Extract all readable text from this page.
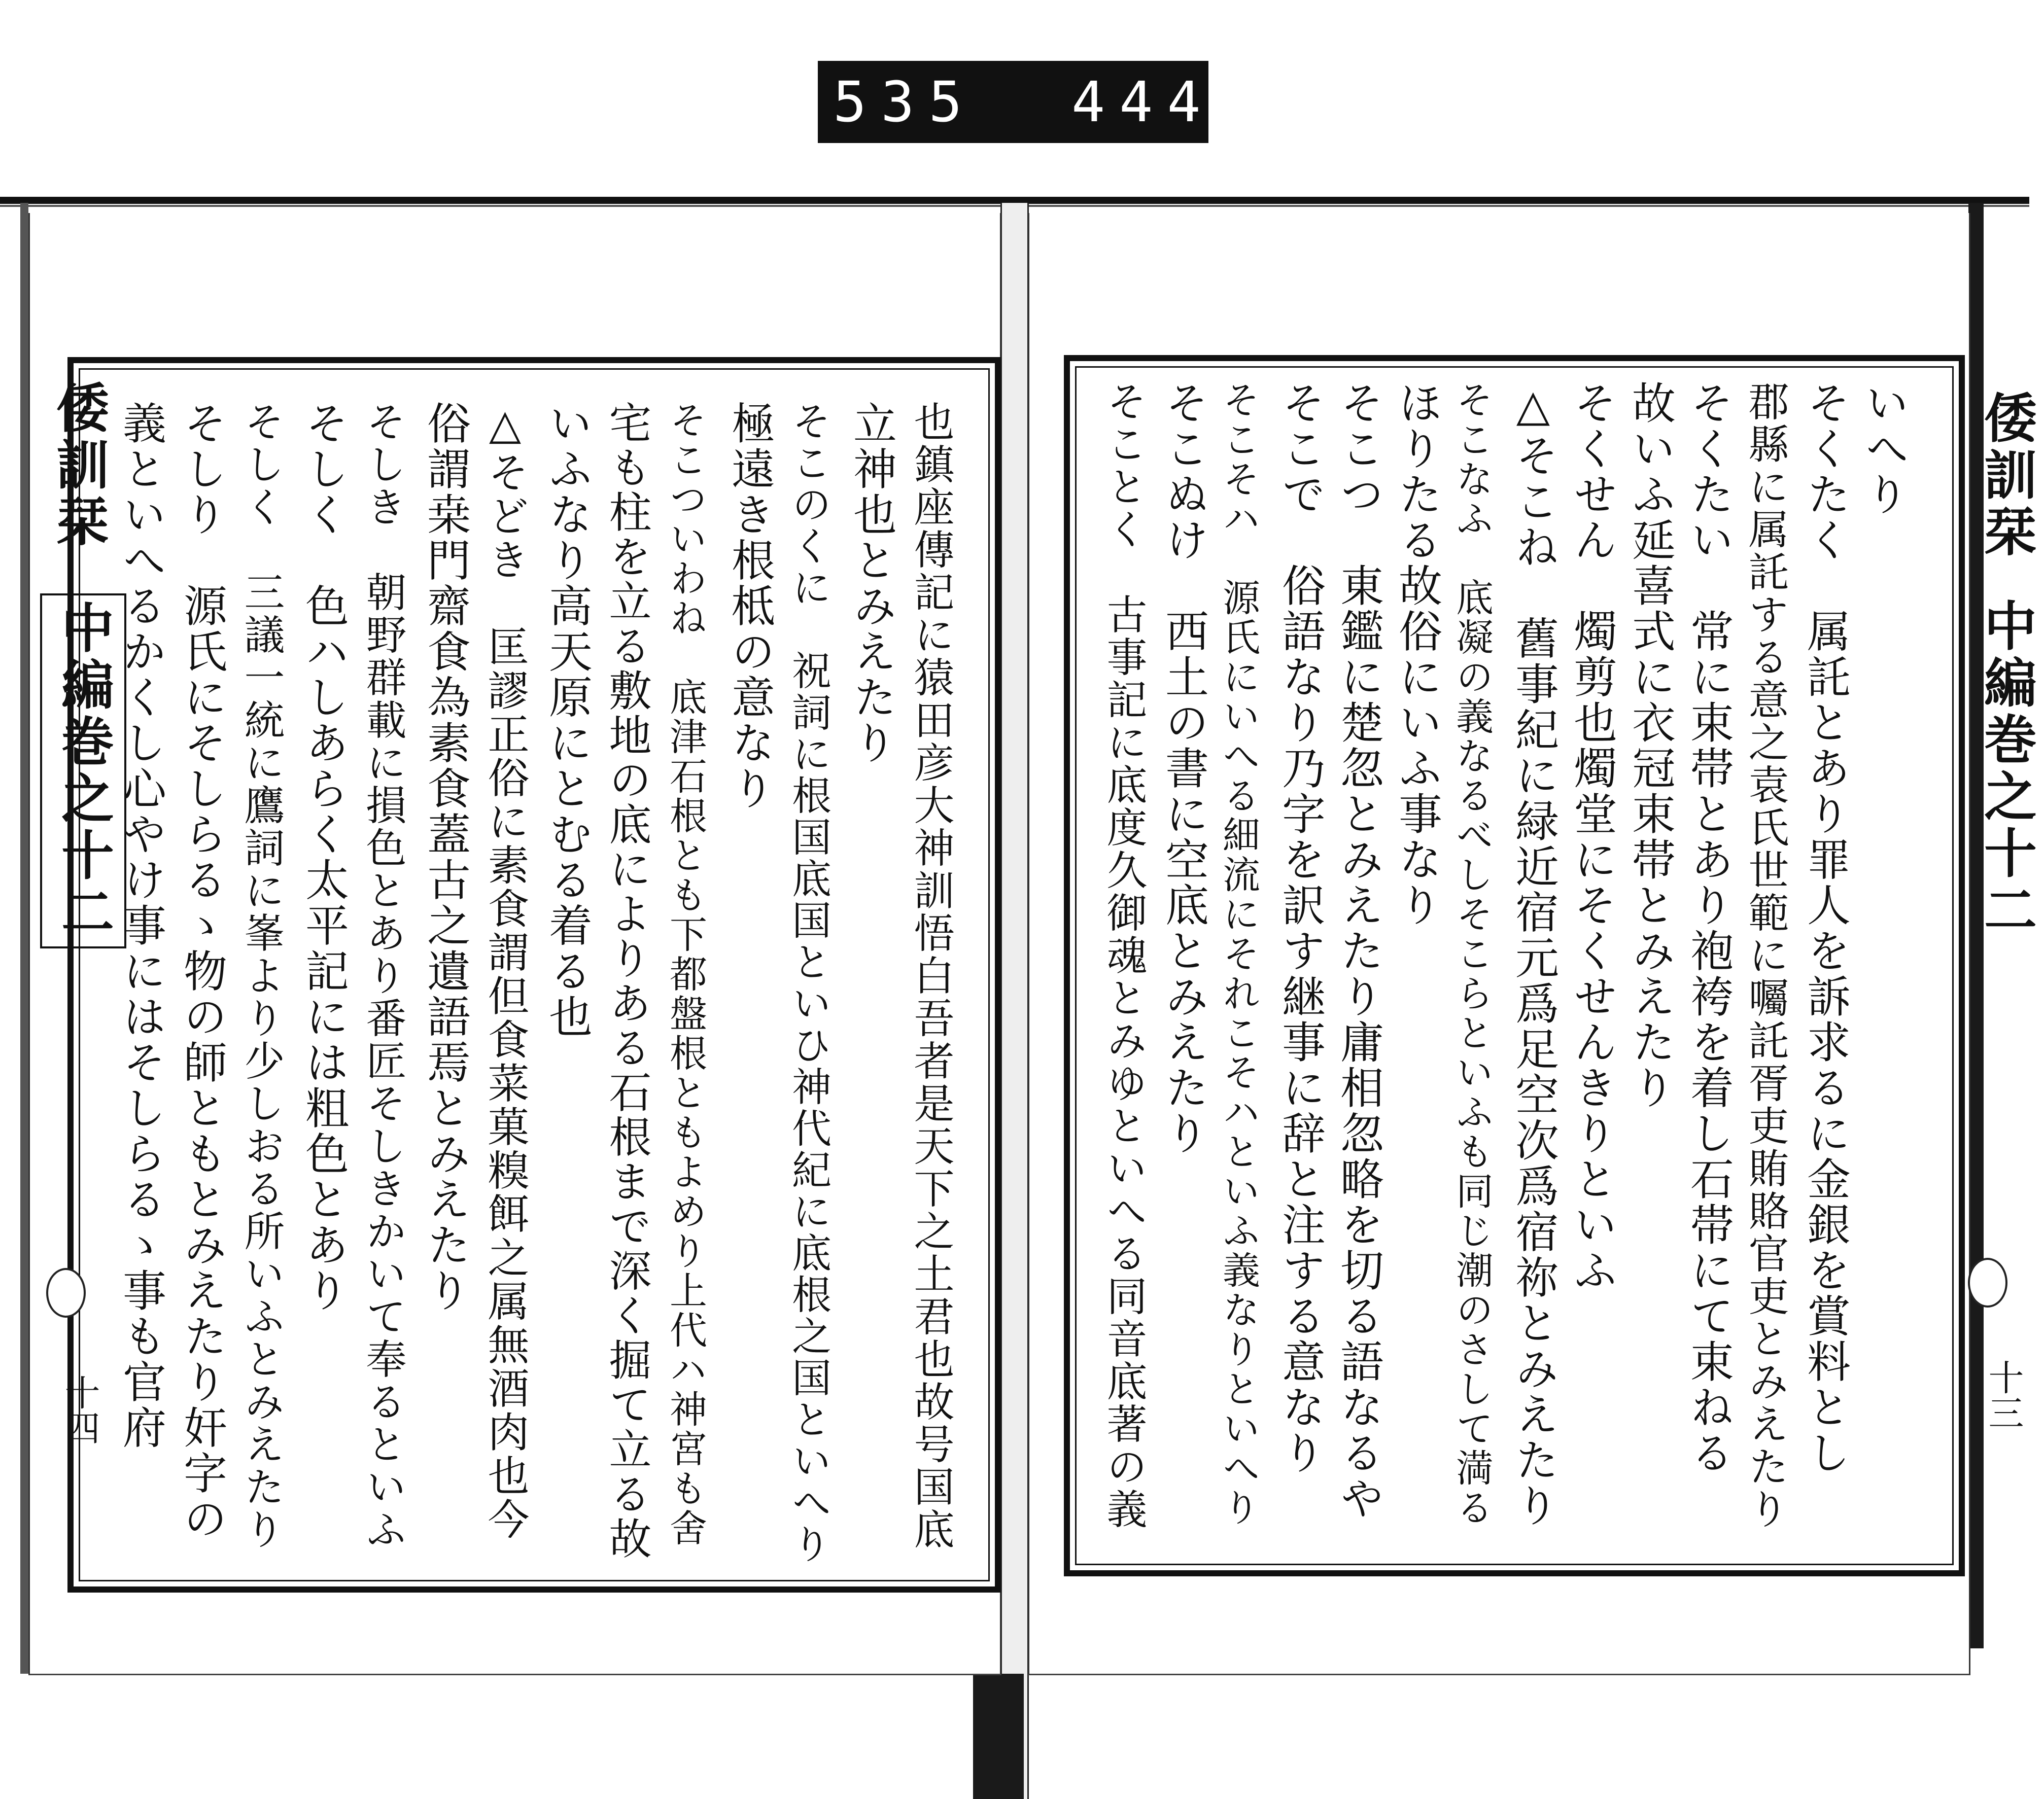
535 444
倭訓栞
中編巻之十二
十四	也鎮座傳記に猿田彦大神訓悟白吾者是天下之土君也故号国底
立神也とみえたり
そこのくに　祝詞に根国底国といひ神代紀に底根之国といへり
極遠き根柢の意なり
そこついわね　底津石根とも下都盤根ともよめり上代ハ神宮も舍
宅も柱を立る敷地の底によりある石根まで深く掘て立る故
いふなり高天原にとむる着る也
△そどき　匡謬正俗に素食謂但食菜菓糗餌之属無酒肉也今
俗謂桒門齋食為素食蓋古之遺語焉とみえたり
そしき　朝野群載に損色とあり番匠そしきかいて奉るといふ
そしく　色ハしあらく太平記には粗色とあり
そしく　三議一統に鷹詞に峯より少しおる所いふとみえたり
そしり　源氏にそしらるゝ物の師ともとみえたり奸字の
義といへるかくし心やけ事にはそしらるゝ事も官府	倭訓栞
中編巻之十二
十三
いへり
そくたく　属託とあり罪人を訴求るに金銀を賞料とし
郡縣に属託する意之袁氏世範に囑託胥吏賄賂官吏とみえたり
そくたい　常に束帯とあり袍袴を着し石帯にて束ねる
故いふ延喜式に衣冠束帯とみえたり
そくせん　燭剪也燭堂にそくせんきりといふ
△そこね　舊事紀に緑近宿元爲足空次爲宿祢とみえたり
そこなふ　底凝の義なるべしそこらといふも同じ潮のさして満る
ほりたる故俗にいふ事なり
そこつ　東鑑に楚忽とみえたり庸相忽略を切る語なるや
そこで　俗語なり乃字を訳す継事に辞と注する意なり
そこそハ　源氏にいへる細流にそれこそハといふ義なりといへり
そこぬけ　西土の書に空底とみえたり
そことく　古事記に底度久御魂とみゆといへる同音底著の義
